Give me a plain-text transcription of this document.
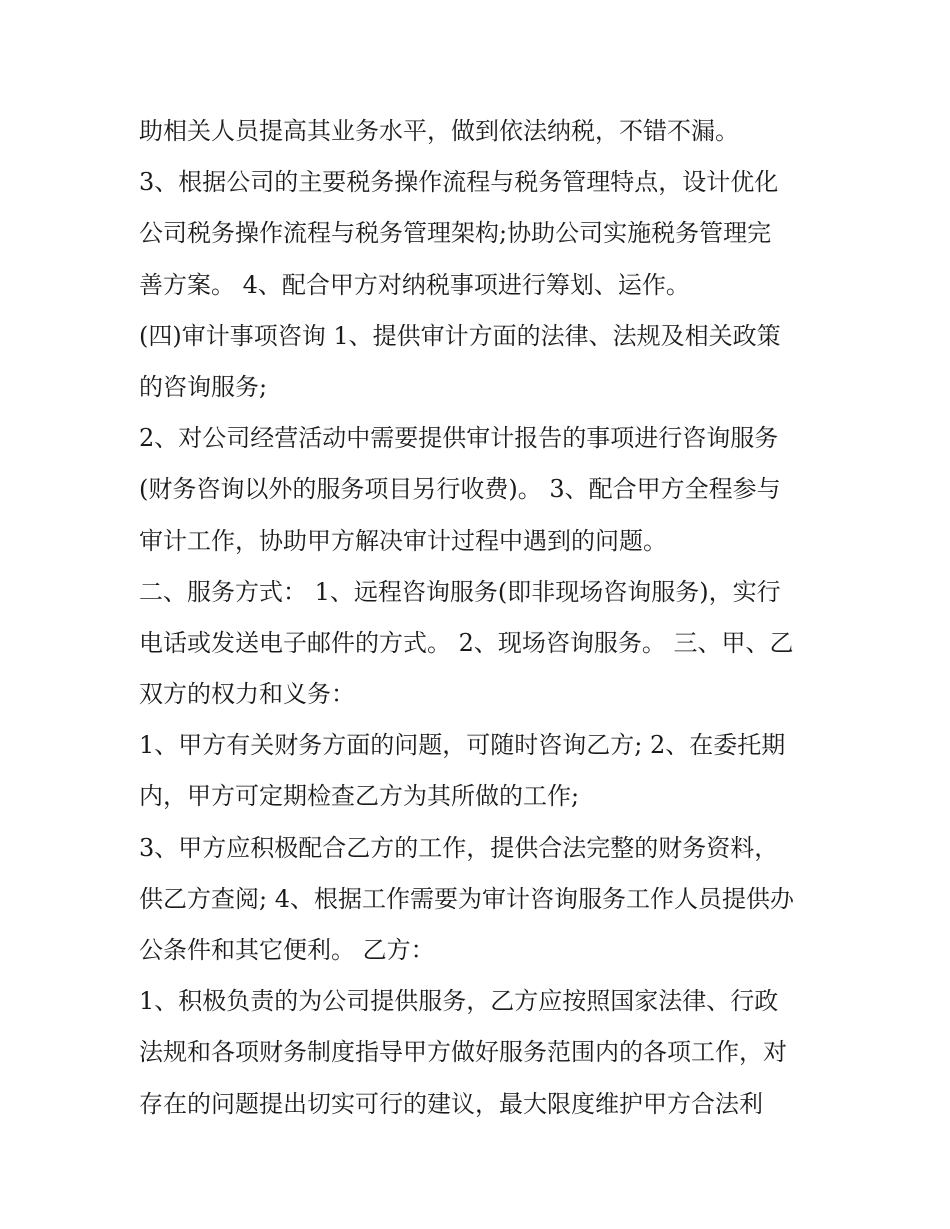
助相关人员提高其业务水平，做到依法纳税，不错不漏。
3、根据公司的主要税务操作流程与税务管理特点，设计优化
公司税务操作流程与税务管理架构;协助公司实施税务管理完
善方案。 4、配合甲方对纳税事项进行筹划、运作。
(四)审计事项咨询 1、提供审计方面的法律、法规及相关政策
的咨询服务;
2、对公司经营活动中需要提供审计报告的事项进行咨询服务
(财务咨询以外的服务项目另行收费)。 3、配合甲方全程参与
审计工作，协助甲方解决审计过程中遇到的问题。
二、服务方式： 1、远程咨询服务(即非现场咨询服务)，实行
电话或发送电子邮件的方式。 2、现场咨询服务。 三、甲、乙
双方的权力和义务：
1、甲方有关财务方面的问题，可随时咨询乙方; 2、在委托期
内，甲方可定期检查乙方为其所做的工作;
3、甲方应积极配合乙方的工作，提供合法完整的财务资料，
供乙方查阅; 4、根据工作需要为审计咨询服务工作人员提供办
公条件和其它便利。 乙方：
1、积极负责的为公司提供服务，乙方应按照国家法律、行政
法规和各项财务制度指导甲方做好服务范围内的各项工作，对
存在的问题提出切实可行的建议，最大限度维护甲方合法利
